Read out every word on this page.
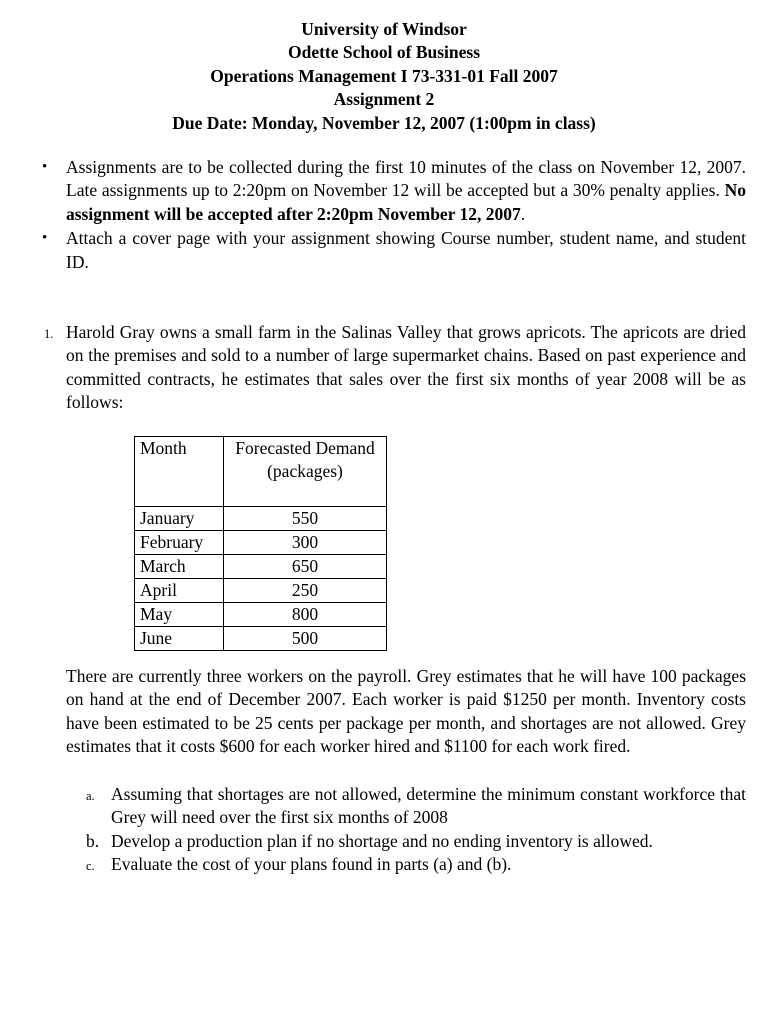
University of Windsor
Odette School of Business
Operations Management I 73-331-01 Fall 2007
Assignment 2
Due Date: Monday, November 12, 2007 (1:00pm in class)

• Assignments are to be collected during the first 10 minutes of the class on November 12, 2007. Late assignments up to 2:20pm on November 12 will be accepted but a 30% penalty applies. No assignment will be accepted after 2:20pm November 12, 2007.

• Attach a cover page with your assignment showing Course number, student name, and student ID.

1. Harold Gray owns a small farm in the Salinas Valley that grows apricots. The apricots are dried on the premises and sold to a number of large supermarket chains. Based on past experience and committed contracts, he estimates that sales over the first six months of year 2008 will be as follows:
Month	Forecasted Demand (packages)
January	550
February	300
March	650
April	250
May	800
June	500
There are currently three workers on the payroll. Grey estimates that he will have 100 packages on hand at the end of December 2007. Each worker is paid $1250 per month. Inventory costs have been estimated to be 25 cents per package per month, and shortages are not allowed. Grey estimates that it costs $600 for each worker hired and $1100 for each work fired.
a. Assuming that shortages are not allowed, determine the minimum constant workforce that Grey will need over the first six months of 2008
b. Develop a production plan if no shortage and no ending inventory is allowed.
c. Evaluate the cost of your plans found in parts (a) and (b).
